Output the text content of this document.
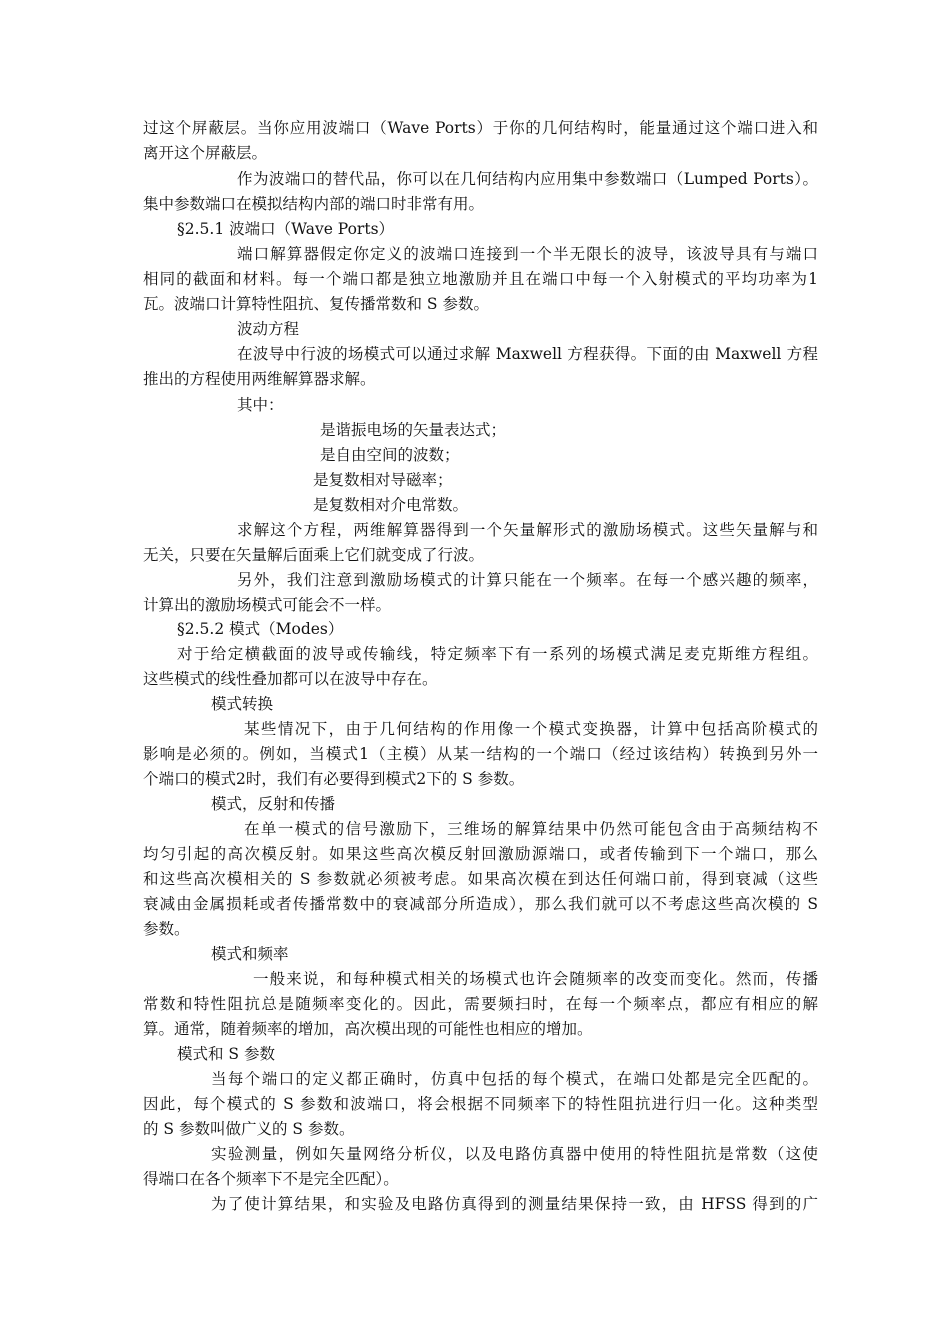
过这个屏蔽层。当你应用波端口（Wave Ports）于你的几何结构时，能量通过这个端口进入和
离开这个屏蔽层。
作为波端口的替代品，你可以在几何结构内应用集中参数端口（Lumped Ports）。
集中参数端口在模拟结构内部的端口时非常有用。
§2.5.1 波端口（Wave Ports）
端口解算器假定你定义的波端口连接到一个半无限长的波导，该波导具有与端口
相同的截面和材料。每一个端口都是独立地激励并且在端口中每一个入射模式的平均功率为1
瓦。波端口计算特性阻抗、复传播常数和 S 参数。
波动方程
在波导中行波的场模式可以通过求解 Maxwell 方程获得。下面的由 Maxwell 方程
推出的方程使用两维解算器求解。
其中：
是谐振电场的矢量表达式；
是自由空间的波数；
是复数相对导磁率；
是复数相对介电常数。
求解这个方程，两维解算器得到一个矢量解形式的激励场模式。这些矢量解与和
无关，只要在矢量解后面乘上它们就变成了行波。
另外，我们注意到激励场模式的计算只能在一个频率。在每一个感兴趣的频率，
计算出的激励场模式可能会不一样。
§2.5.2 模式（Modes）
对于给定横截面的波导或传输线，特定频率下有一系列的场模式满足麦克斯维方程组。
这些模式的线性叠加都可以在波导中存在。
模式转换
某些情况下，由于几何结构的作用像一个模式变换器，计算中包括高阶模式的
影响是必须的。例如，当模式1（主模）从某一结构的一个端口（经过该结构）转换到另外一
个端口的模式2时，我们有必要得到模式2下的 S 参数。
模式，反射和传播
在单一模式的信号激励下，三维场的解算结果中仍然可能包含由于高频结构不
均匀引起的高次模反射。如果这些高次模反射回激励源端口，或者传输到下一个端口，那么
和这些高次模相关的 S 参数就必须被考虑。如果高次模在到达任何端口前，得到衰减（这些
衰减由金属损耗或者传播常数中的衰减部分所造成），那么我们就可以不考虑这些高次模的 S
参数。
模式和频率
一般来说，和每种模式相关的场模式也许会随频率的改变而变化。然而，传播
常数和特性阻抗总是随频率变化的。因此，需要频扫时，在每一个频率点，都应有相应的解
算。通常，随着频率的增加，高次模出现的可能性也相应的增加。
模式和 S 参数
当每个端口的定义都正确时，仿真中包括的每个模式，在端口处都是完全匹配的。
因此，每个模式的 S 参数和波端口，将会根据不同频率下的特性阻抗进行归一化。这种类型
的 S 参数叫做广义的 S 参数。
实验测量，例如矢量网络分析仪，以及电路仿真器中使用的特性阻抗是常数（这使
得端口在各个频率下不是完全匹配）。
为了使计算结果，和实验及电路仿真得到的测量结果保持一致，由 HFSS 得到的广
